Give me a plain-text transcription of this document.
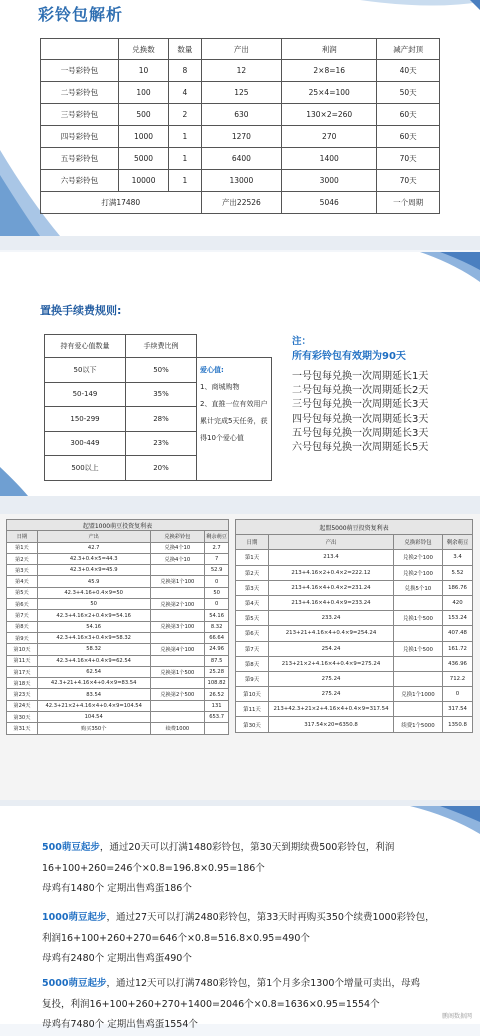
彩铃包解析
	兑换数	数量	产出	利润	减产封顶
一号彩铃包	10	8	12	2×8=16	40天
二号彩铃包	100	4	125	25×4=100	50天
三号彩铃包	500	2	630	130×2=260	60天
四号彩铃包	1000	1	1270	270	60天
五号彩铃包	5000	1	6400	1400	70天
六号彩铃包	10000	1	13000	3000	70天
打满17480			产出22526	5046	一个周期
置换手续费规则:
持有爱心值数量	手续费比例	
50以下	50%	爱心值:
1、商城购物
2、直推一位有效用户
累计完成5天任务，获
得10个爱心值

50-149	35%	
150-299	28%	
300-449	23%	
500以上	20%	
注：
所有彩铃包有效期为90天
一号包每兑换一次周期延长1天
二号包每兑换一次周期延长2天
三号包每兑换一次周期延长3天
四号包每兑换一次周期延长3天
五号包每兑换一次周期延长3天
六号包每兑换一次周期延长5天
起盟1000萌豆投资复利表			
日期	产出	兑换彩铃包	剩余萌豆
第1天	42.7	兑换4个10	2.7
第2天	42.3+0.4×5=44.3	兑换4个10	7
第3天	42.3+0.4×9=45.9		52.9
第4天	45.9	兑换第1个100	0
第5天	42.3+4.16+0.4×9=50		50
第6天	50	兑换第2个100	0
第7天	42.3+4.16×2+0.4×9=54.16		54.16
第8天	54.16	兑换第3个100	8.32
第9天	42.3+4.16×3+0.4×9=58.32		66.64
第10天	58.32	兑换第4个100	24.96
第11天	42.3+4.16×4+0.4×9=62.54		87.5
第17天	62.54	兑换第1个500	25.28
第18天	42.3+21+4.16×4+0.4×9=83.54		108.82
第23天	83.54	兑换第2个500	26.52
第24天	42.3+21×2+4.16×4+0.4×9=104.54		131
第30天	104.54		653.7
第31天	购买350个	续费1000	
起盟5000萌豆投资复利表			
日期	产出	兑换彩铃包	剩余萌豆
第1天	213.4	兑换2个100	3.4
第2天	213+4.16×2+0.4×2=222.12	兑换2个100	5.52
第3天	213+4.16×4+0.4×2=231.24	兑换5个10	186.76
第4天	213+4.16×4+0.4×9=233.24		420
第5天	233.24	兑换1个500	153.24
第6天	213+21+4.16×4+0.4×9=254.24		407.48
第7天	254.24	兑换1个500	161.72
第8天	213+21×2+4.16×4+0.4×9=275.24		436.96
第9天	275.24		712.2
第10天	275.24	兑换1个1000	0
第11天	213+42.3+21×2+4.16×4+0.4×9=317.54		317.54
第30天	317.54×20=6350.8	续费1个5000	1350.8
500萌豆起步，通过20天可以打满1480彩铃包，第30天到期续费500彩铃包，利润
16+100+260=246个×0.8=196.8×0.95=186个
母鸡有1480个 定期出售鸡蛋186个
1000萌豆起步，通过27天可以打满2480彩铃包，第33天时再购买350个续费1000彩铃包，
利润16+100+260+270=646个×0.8=516.8×0.95=490个
母鸡有2480个 定期出售鸡蛋490个
5000萌豆起步，通过12天可以打满7480彩铃包，第1个月多余1300个增量可卖出，母鸡
复投，利润16+100+260+270+1400=2046个×0.8=1636×0.95=1554个
母鸡有7480个 定期出售鸡蛋1554个
鹏阁数据网
